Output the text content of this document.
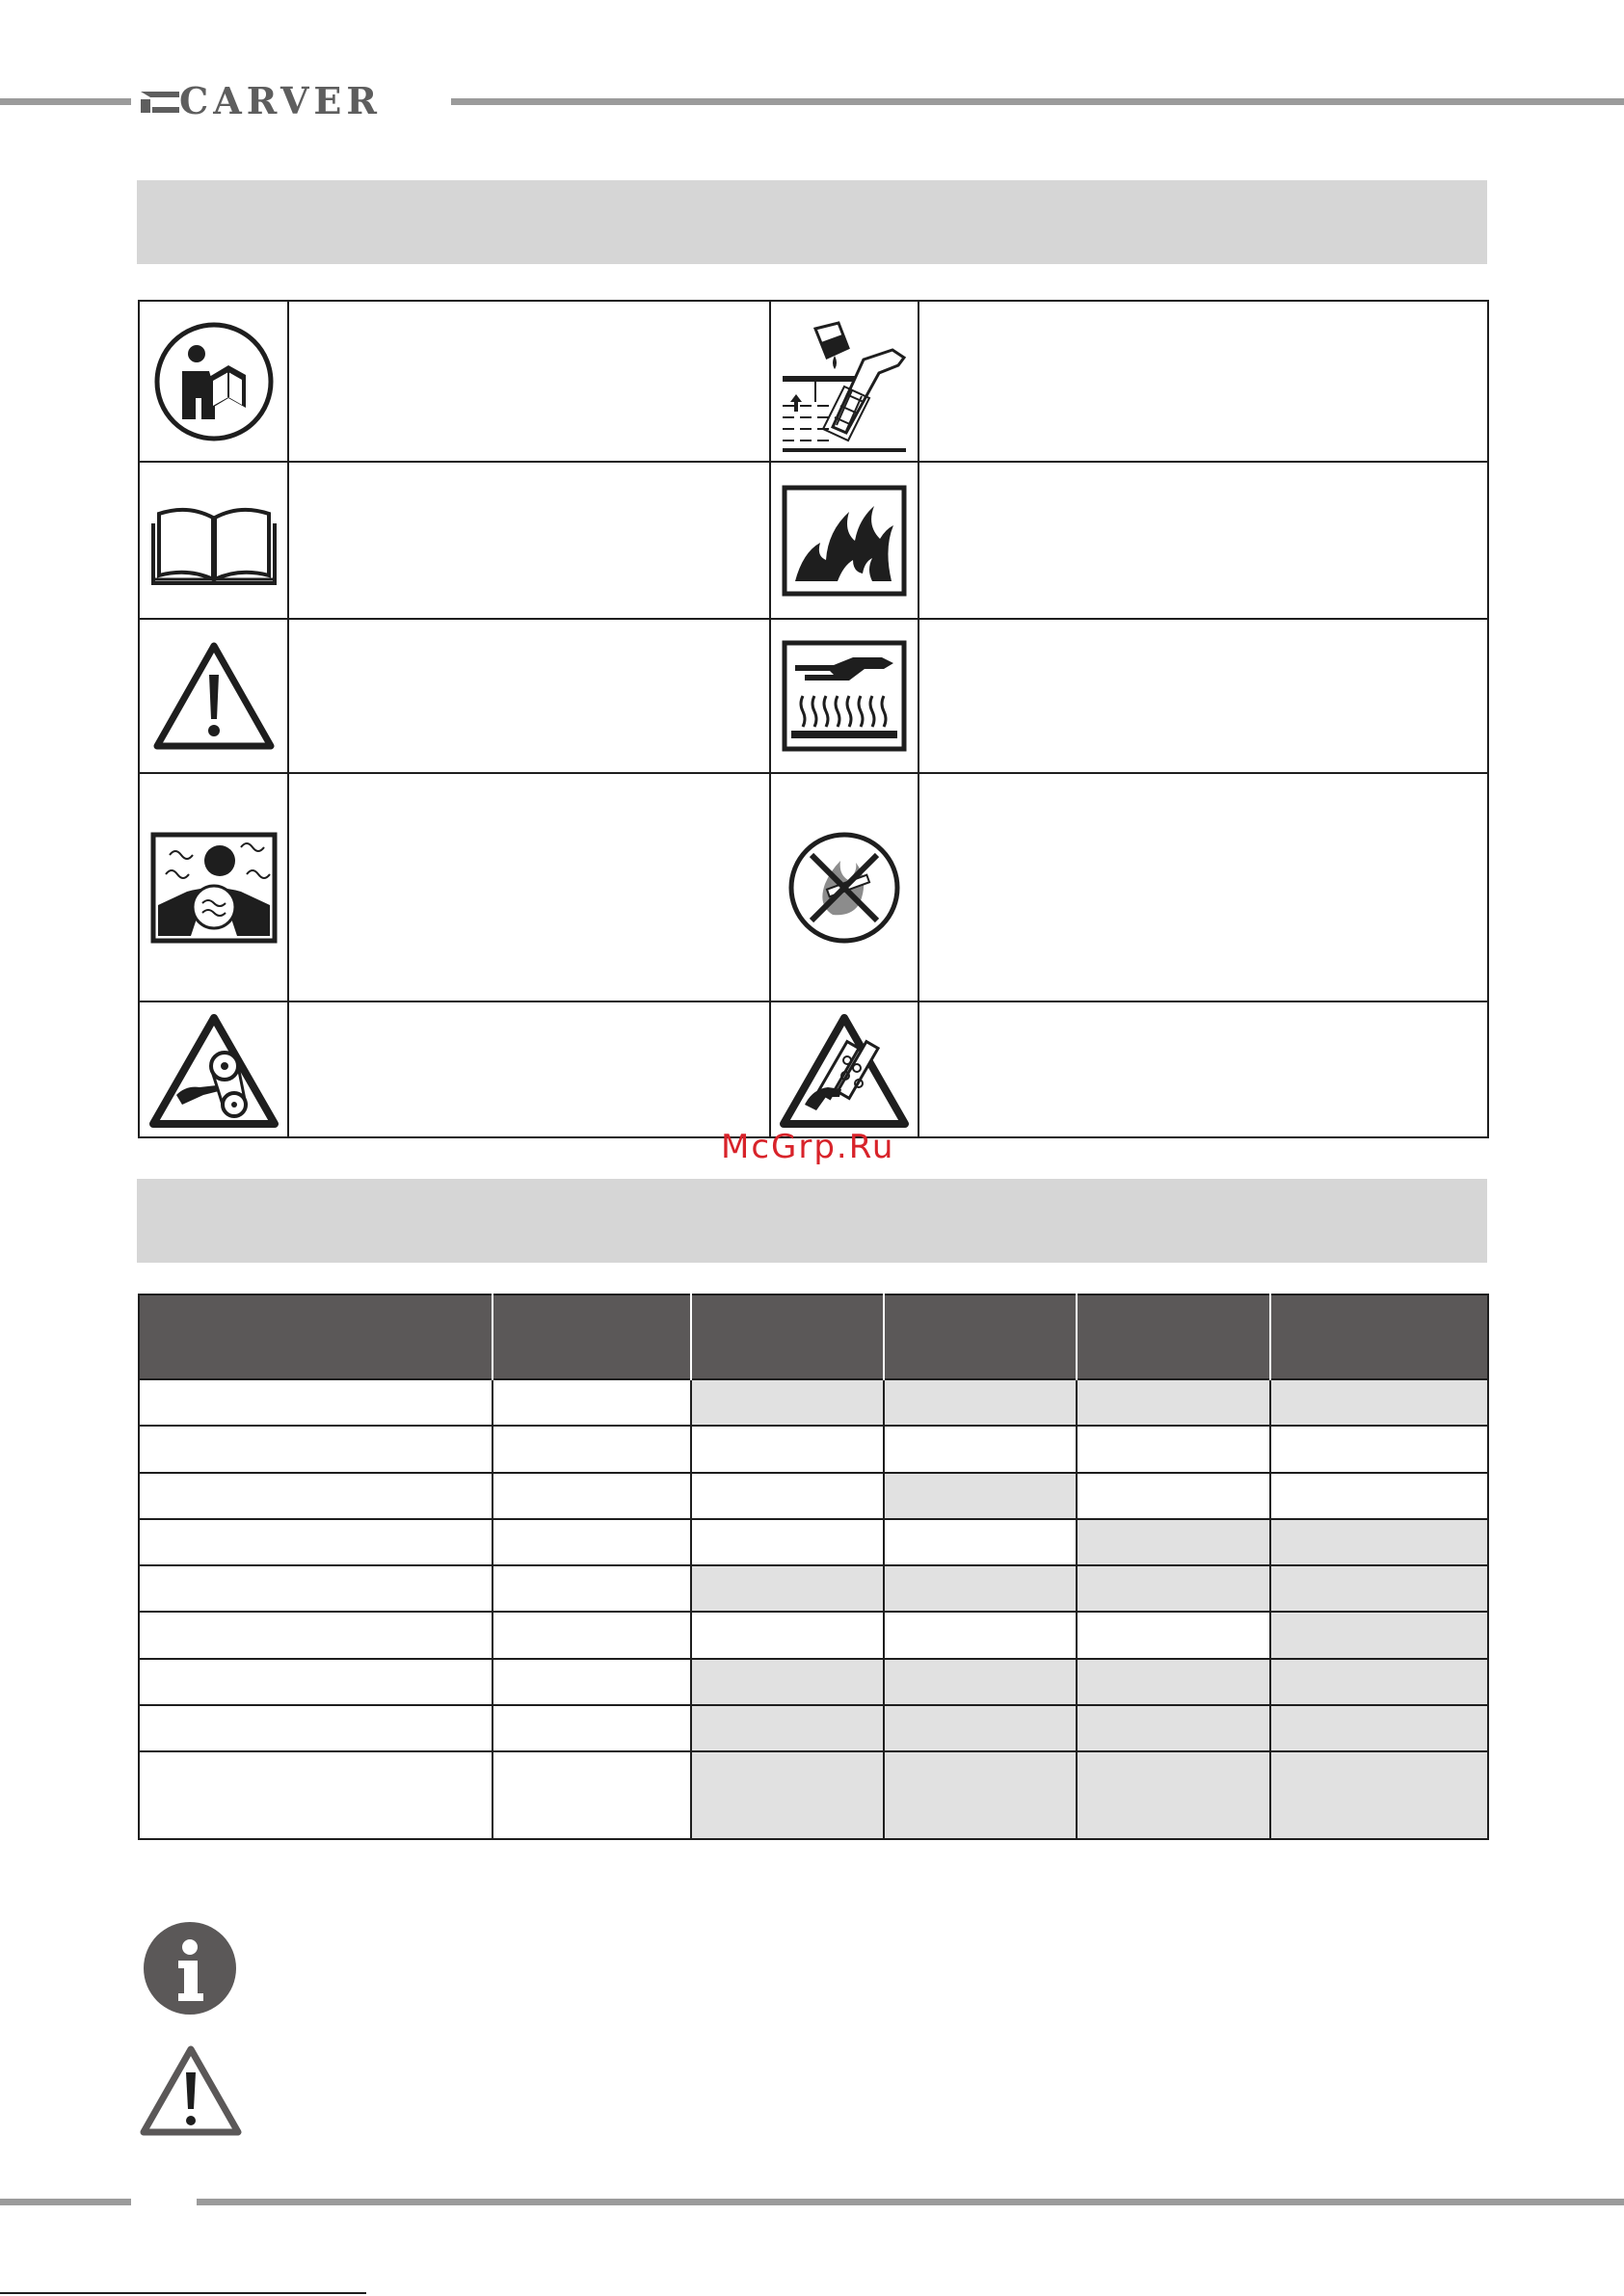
CARVER
McGrp.Ru
